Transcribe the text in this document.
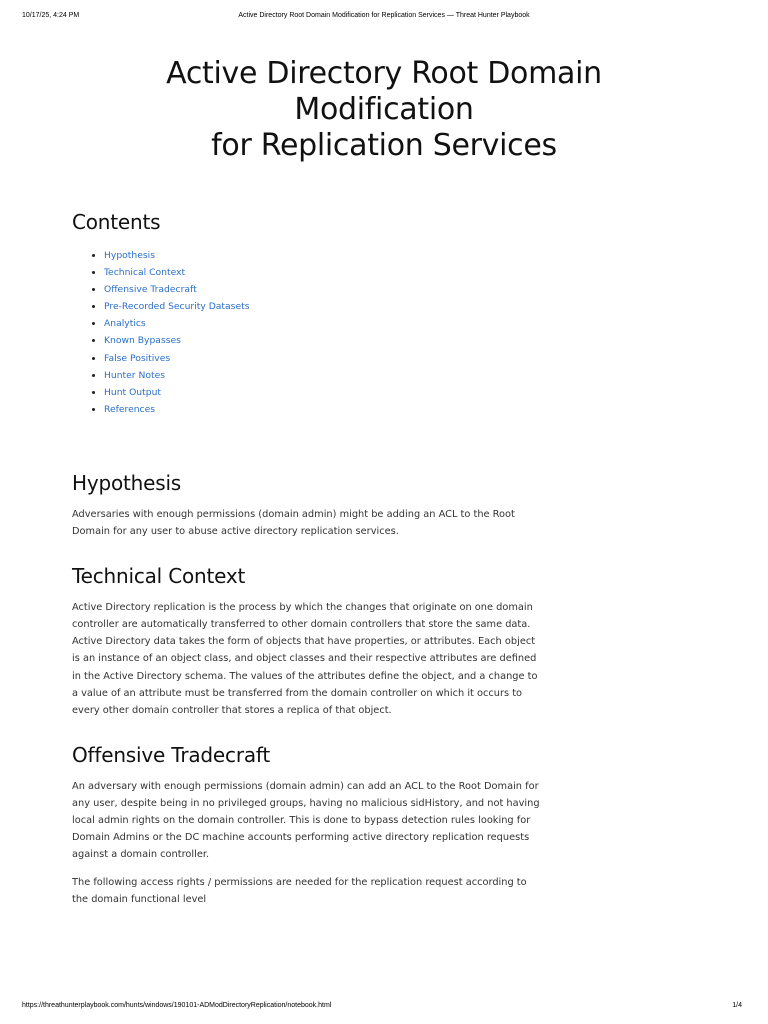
10/17/25, 4:24 PM	Active Directory Root Domain Modification for Replication Services — Threat Hunter Playbook
Active Directory Root Domain Modification
for Replication Services
Contents
• Hypothesis
• Technical Context
• Offensive Tradecraft
• Pre-Recorded Security Datasets
• Analytics
• Known Bypasses
• False Positives
• Hunter Notes
• Hunt Output
• References
Hypothesis

Adversaries with enough permissions (domain admin) might be adding an ACL to the Root Domain for any user to abuse active directory replication services.

Technical Context

Active Directory replication is the process by which the changes that originate on one domain controller are automatically transferred to other domain controllers that store the same data. Active Directory data takes the form of objects that have properties, or attributes. Each object is an instance of an object class, and object classes and their respective attributes are defined in the Active Directory schema. The values of the attributes define the object, and a change to a value of an attribute must be transferred from the domain controller on which it occurs to every other domain controller that stores a replica of that object.

Offensive Tradecraft

An adversary with enough permissions (domain admin) can add an ACL to the Root Domain for any user, despite being in no privileged groups, having no malicious sidHistory, and not having local admin rights on the domain controller. This is done to bypass detection rules looking for Domain Admins or the DC machine accounts performing active directory replication requests against a domain controller.

The following access rights / permissions are needed for the replication request according to the domain functional level

https://threathunterplaybook.com/hunts/windows/190101-ADModDirectoryReplication/notebook.html	1/4
